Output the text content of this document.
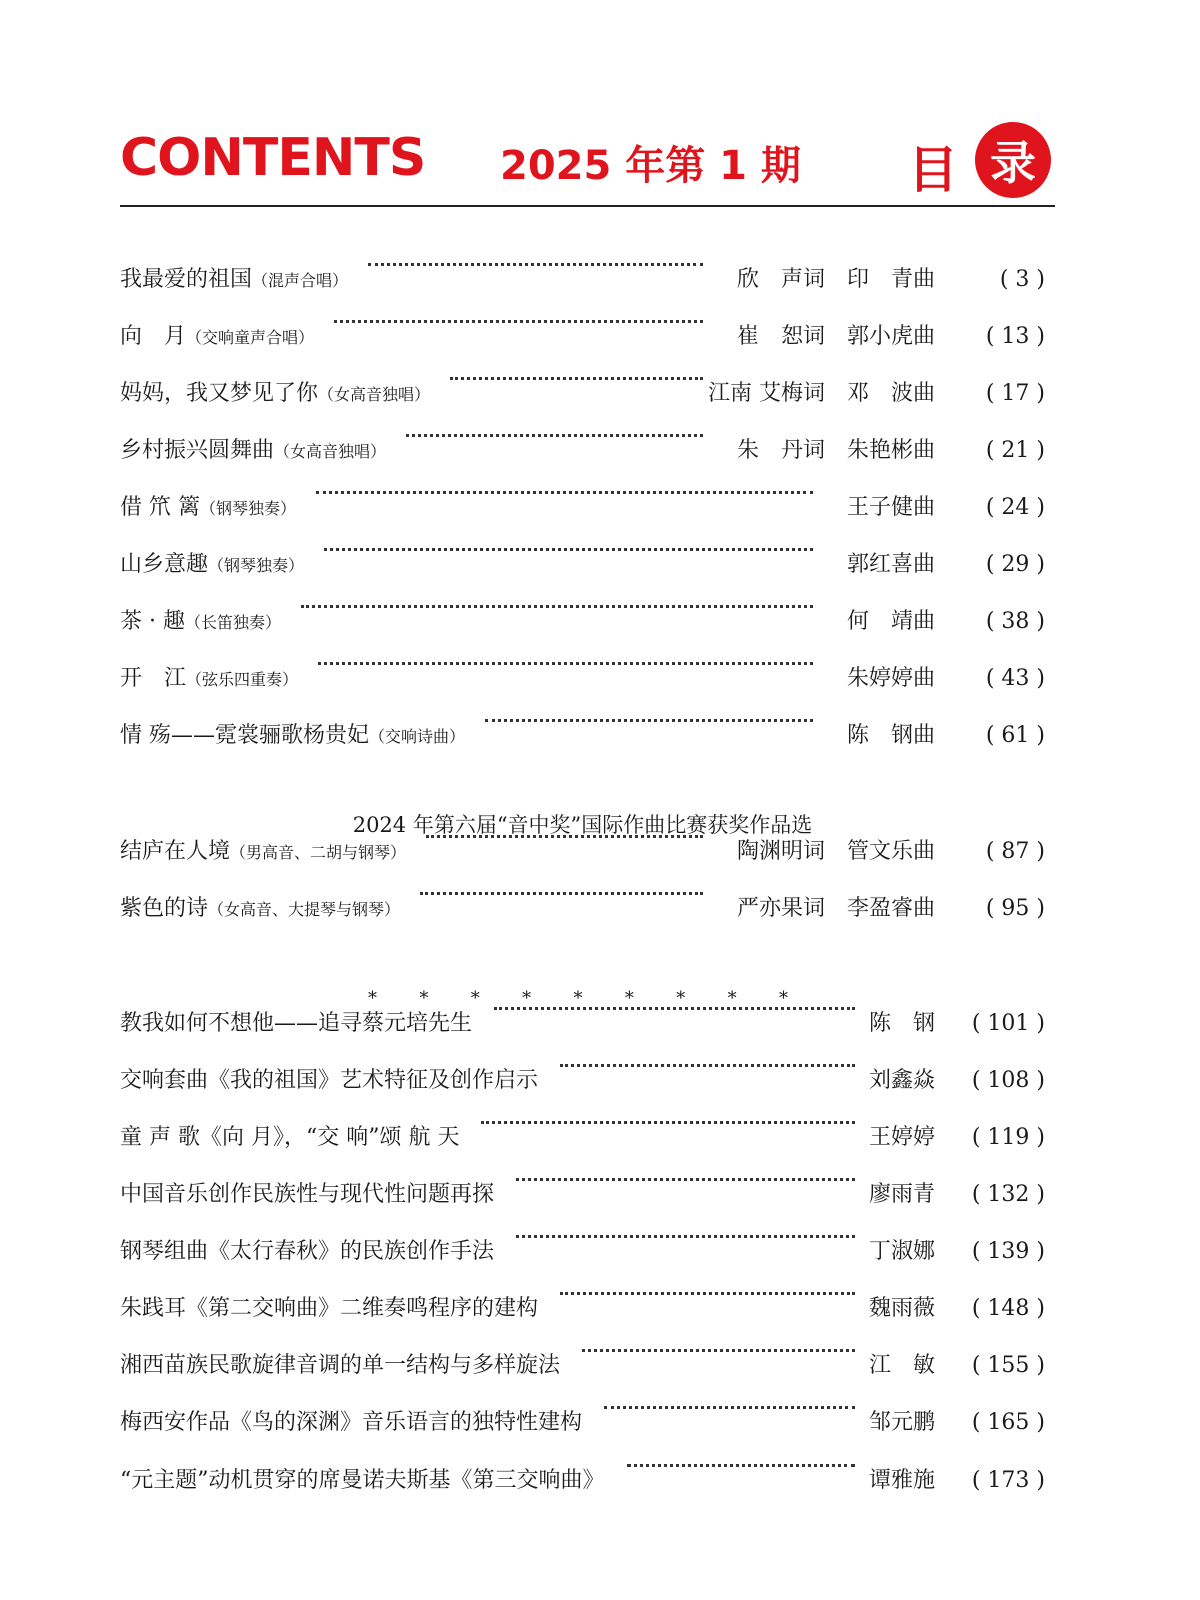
CONTENTS 2025 年第 1 期 目 录
我最爱的祖国（混声合唱）	欣　声词 印　青曲	( 3 )
向　月（交响童声合唱）	崔　恕词 郭小虎曲 ( 13 )
妈妈，我又梦见了你（女高音独唱）	江南 艾梅词 邓　波曲 ( 17 )
乡村振兴圆舞曲（女高音独唱）	朱　丹词 朱艳彬曲 ( 21 )
借 笊 篱（钢琴独奏）	王子健曲 ( 24 )
山乡意趣（钢琴独奏）	郭红喜曲 ( 29 )
茶 · 趣（长笛独奏）	何　靖曲 ( 38 )
开　江（弦乐四重奏）	朱婷婷曲 ( 43 )
情 殇——霓裳骊歌杨贵妃（交响诗曲）	陈　钢曲 ( 61 )
2024 年第六届“音中奖”国际作曲比赛获奖作品选
结庐在人境（男高音、二胡与钢琴）	陶渊明词 管文乐曲 ( 87 )
紫色的诗（女高音、大提琴与钢琴）	严亦果词 李盈睿曲 ( 95 )
* * * * * * * * *
教我如何不想他——追寻蔡元培先生	陈　钢 ( 101 )
交响套曲《我的祖国》艺术特征及创作启示	刘鑫焱 ( 108 )
童 声 歌《向 月》，“交 响”颂 航 天	王婷婷 ( 119 )
中国音乐创作民族性与现代性问题再探	廖雨青 ( 132 )
钢琴组曲《太行春秋》的民族创作手法	丁淑娜 ( 139 )
朱践耳《第二交响曲》二维奏鸣程序的建构	魏雨薇 ( 148 )
湘西苗族民歌旋律音调的单一结构与多样旋法	江　敏 ( 155 )
梅西安作品《鸟的深渊》音乐语言的独特性建构	邹元鹏 ( 165 )
“元主题”动机贯穿的席曼诺夫斯基《第三交响曲》	谭雅施 ( 173 )
